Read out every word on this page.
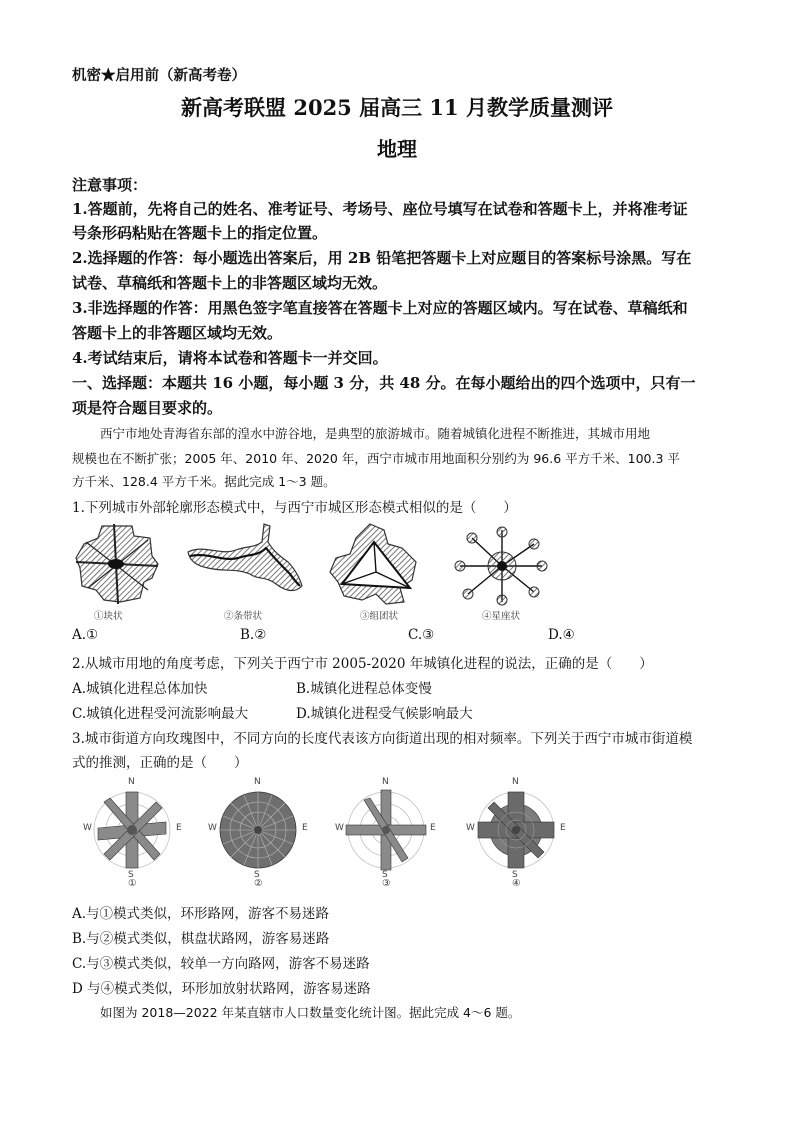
机密★启用前（新高考卷）
新高考联盟 2025 届高三 11 月教学质量测评
地理
注意事项：
1.答题前，先将自己的姓名、准考证号、考场号、座位号填写在试卷和答题卡上，并将准考证
号条形码粘贴在答题卡上的指定位置。
2.选择题的作答：每小题选出答案后，用 2B 铅笔把答题卡上对应题目的答案标号涂黑。写在
试卷、草稿纸和答题卡上的非答题区域均无效。
3.非选择题的作答：用黑色签字笔直接答在答题卡上对应的答题区域内。写在试卷、草稿纸和
答题卡上的非答题区域均无效。
4.考试结束后，请将本试卷和答题卡一并交回。
一、选择题：本题共 16 小题，每小题 3 分，共 48 分。在每小题给出的四个选项中，只有一
项是符合题目要求的。
西宁市地处青海省东部的湟水中游谷地，是典型的旅游城市。随着城镇化进程不断推进，其城市用地
规模也在不断扩张；2005 年、2010 年、2020 年，西宁市城市用地面积分别约为 96.6 平方千米、100.3 平
方千米、128.4 平方千米。据此完成 1～3 题。
1.下列城市外部轮廓形态模式中，与西宁市城区形态模式相似的是（　　）
①块状	②条带状	③组团状	④星座状
A.①	B.②	C.③	D.④
2.从城市用地的角度考虑，下列关于西宁市 2005-2020 年城镇化进程的说法，正确的是（　　）
A.城镇化进程总体加快	B.城镇化进程总体变慢
C.城镇化进程受河流影响最大	D.城镇化进程受气候影响最大
3.城市街道方向玫瑰图中，不同方向的长度代表该方向街道出现的相对频率。下列关于西宁市城市街道模
式的推测，正确的是（　　）
N
W	E
S
①
N
W	E
S
②
N
W	E
S
③
N
W	E
S
④
A.与①模式类似，环形路网，游客不易迷路
B.与②模式类似，棋盘状路网，游客易迷路
C.与③模式类似，较单一方向路网，游客不易迷路
D 与④模式类似，环形加放射状路网，游客易迷路
如图为 2018—2022 年某直辖市人口数量变化统计图。据此完成 4～6 题。
